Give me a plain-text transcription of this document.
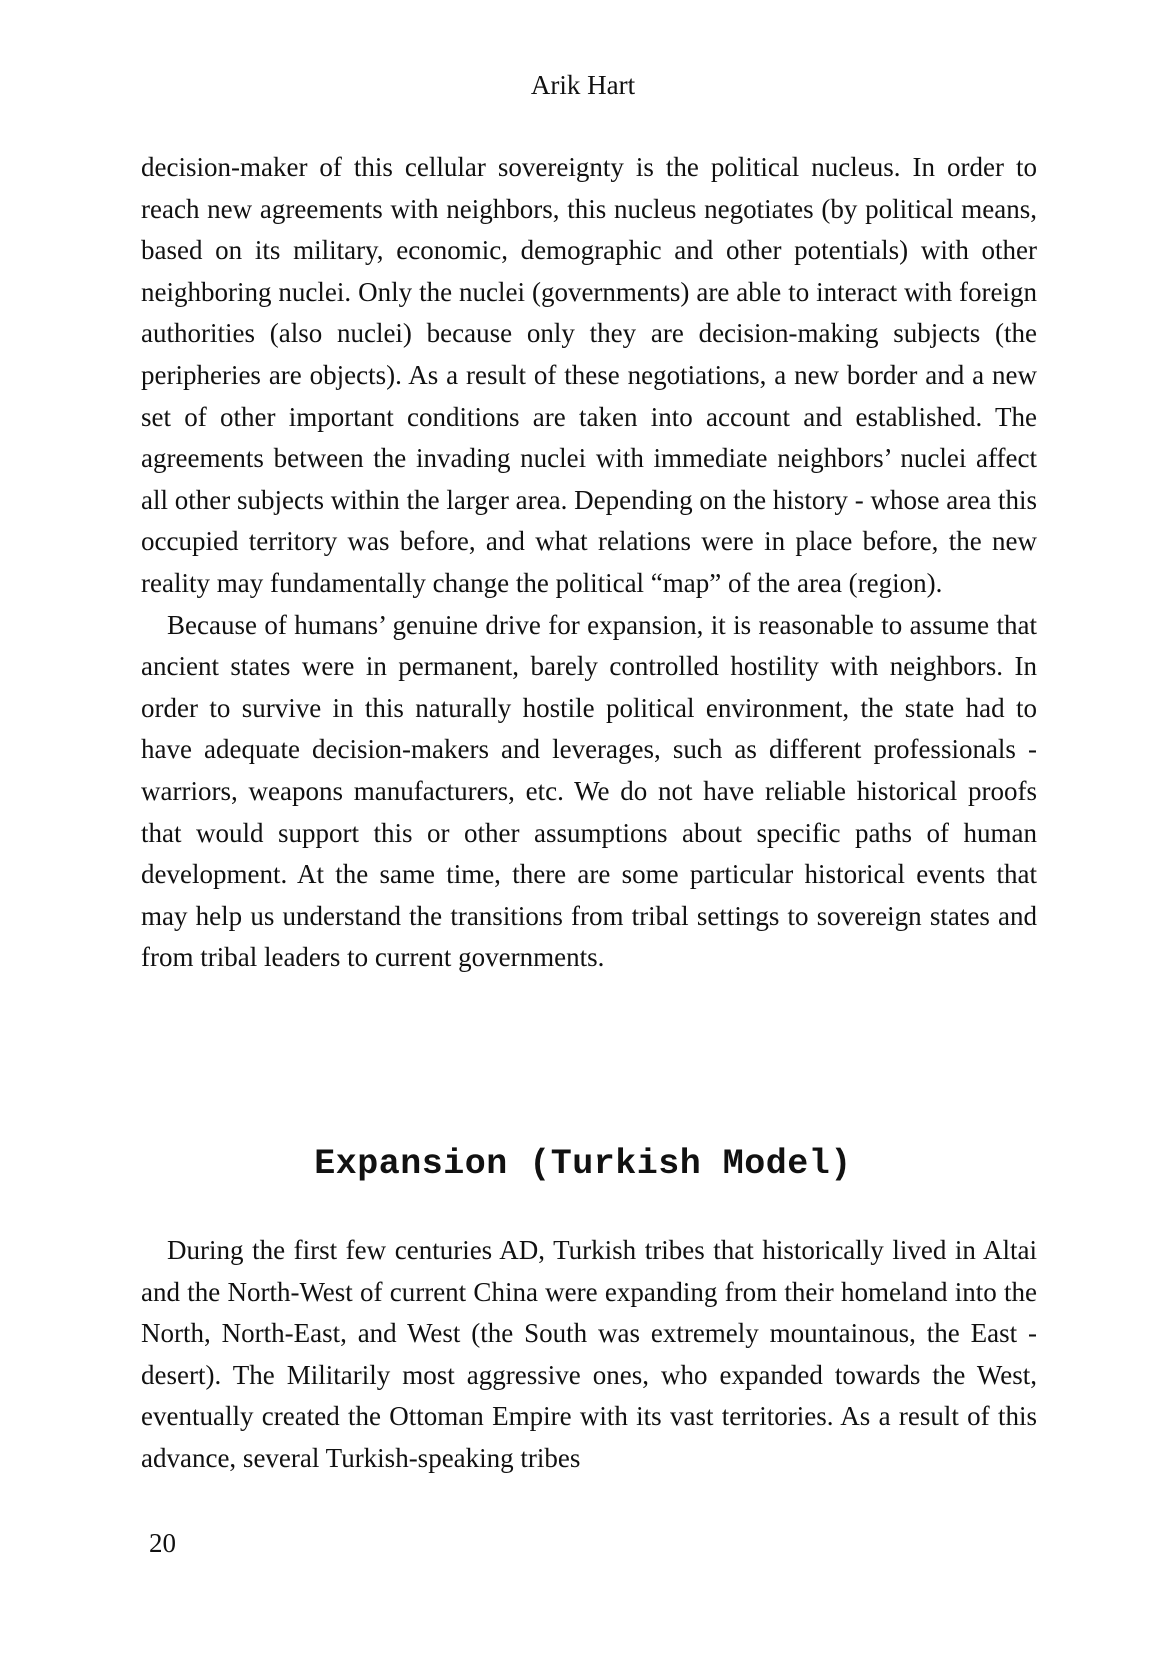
Arik Hart

decision-maker of this cellular sovereignty is the political nucleus. In order to reach new agreements with neighbors, this nucleus negotiates (by political means, based on its military, economic, demographic and other potentials) with other neighboring nuclei. Only the nuclei (governments) are able to interact with foreign authorities (also nuclei) because only they are decision-making subjects (the peripheries are objects). As a result of these negotiations, a new border and a new set of other important conditions are taken into account and established. The agreements between the invading nuclei with immediate neighbors’ nuclei affect all other subjects within the larger area. Depending on the history - whose area this occupied territory was before, and what relations were in place before, the new reality may fundamentally change the political “map” of the area (region).

Because of humans’ genuine drive for expansion, it is reasonable to assume that ancient states were in permanent, barely controlled hostility with neighbors. In order to survive in this naturally hostile political environment, the state had to have adequate decision-makers and leverages, such as different professionals - warriors, weapons manufacturers, etc. We do not have reliable historical proofs that would support this or other assumptions about specific paths of human development. At the same time, there are some particular historical events that may help us understand the transitions from tribal settings to sovereign states and from tribal leaders to current governments.

Expansion (Turkish Model)

During the first few centuries AD, Turkish tribes that historically lived in Altai and the North-West of current China were expanding from their homeland into the North, North-East, and West (the South was extremely mountainous, the East - desert). The Militarily most aggressive ones, who expanded towards the West, eventually created the Ottoman Empire with its vast territories. As a result of this advance, several Turkish-speaking tribes

20
